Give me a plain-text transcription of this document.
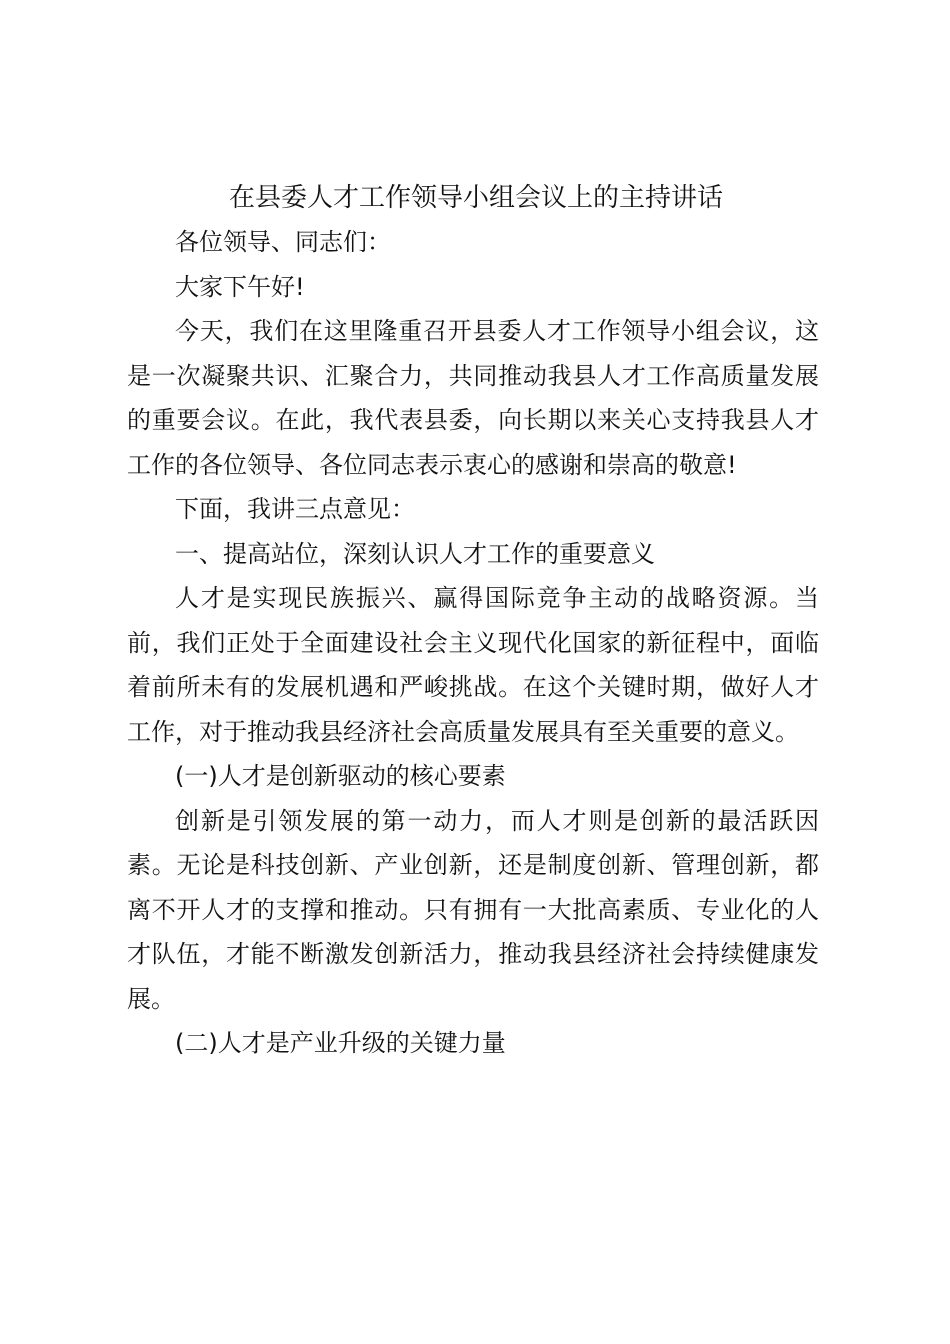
在县委人才工作领导小组会议上的主持讲话

各位领导、同志们：

大家下午好!

今天，我们在这里隆重召开县委人才工作领导小组会议，这是一次凝聚共识、汇聚合力，共同推动我县人才工作高质量发展的重要会议。在此，我代表县委，向长期以来关心支持我县人才工作的各位领导、各位同志表示衷心的感谢和崇高的敬意!

下面，我讲三点意见：

一、提高站位，深刻认识人才工作的重要意义

人才是实现民族振兴、赢得国际竞争主动的战略资源。当前，我们正处于全面建设社会主义现代化国家的新征程中，面临着前所未有的发展机遇和严峻挑战。在这个关键时期，做好人才工作，对于推动我县经济社会高质量发展具有至关重要的意义。

(一)人才是创新驱动的核心要素

创新是引领发展的第一动力，而人才则是创新的最活跃因素。无论是科技创新、产业创新，还是制度创新、管理创新，都离不开人才的支撑和推动。只有拥有一大批高素质、专业化的人才队伍，才能不断激发创新活力，推动我县经济社会持续健康发展。

(二)人才是产业升级的关键力量
